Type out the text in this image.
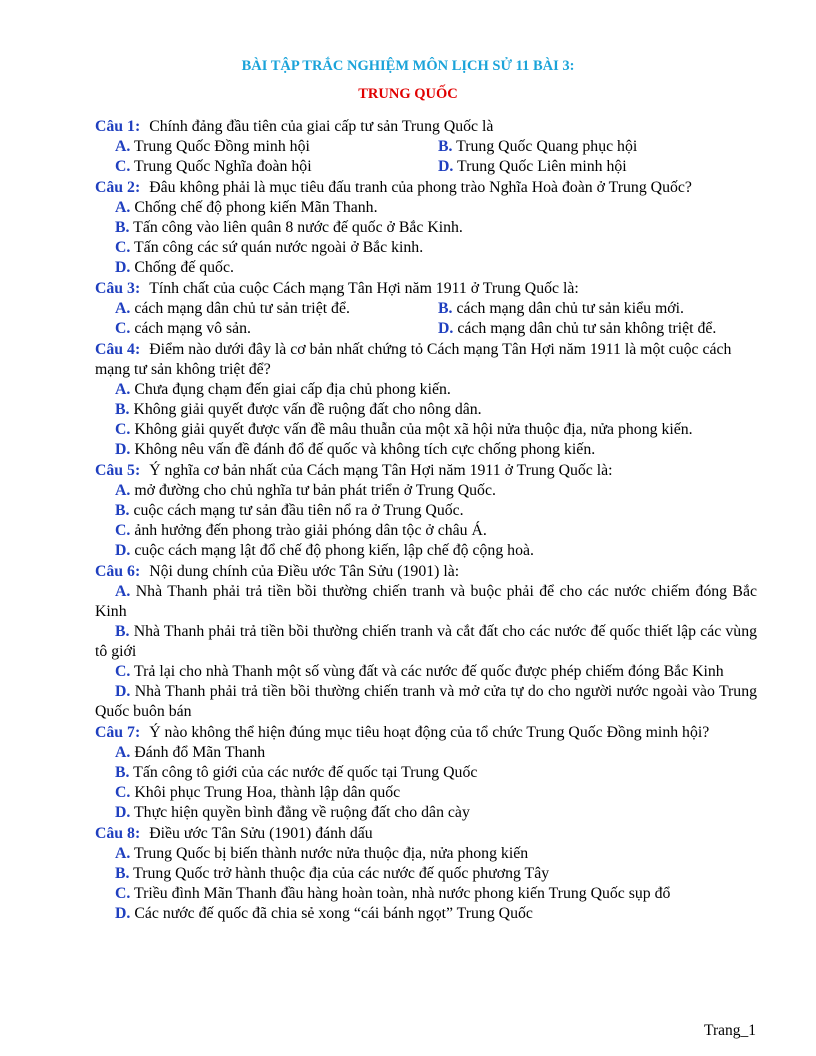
BÀI TẬP TRẮC NGHIỆM MÔN LỊCH SỬ 11 BÀI 3:
TRUNG QUỐC
Câu 1: Chính đảng đầu tiên của giai cấp tư sản Trung Quốc là
A. Trung Quốc Đồng minh hội	B. Trung Quốc Quang phục hội
C. Trung Quốc Nghĩa đoàn hội	D. Trung Quốc Liên minh hội
Câu 2: Đâu không phải là mục tiêu đấu tranh của phong trào Nghĩa Hoà đoàn ở Trung Quốc?
A. Chống chế độ phong kiến Mãn Thanh.
B. Tấn công vào liên quân 8 nước đế quốc ở Bắc Kinh.
C. Tấn công các sứ quán nước ngoài ở Bắc kinh.
D. Chống đế quốc.
Câu 3: Tính chất của cuộc Cách mạng Tân Hợi năm 1911 ở Trung Quốc là:
A. cách mạng dân chủ tư sản triệt để.	B. cách mạng dân chủ tư sản kiểu mới.
C. cách mạng vô sản.	D. cách mạng dân chủ tư sản không triệt để.
Câu 4: Điểm nào dưới đây là cơ bản nhất chứng tỏ Cách mạng Tân Hợi năm 1911 là một cuộc cách mạng tư sản không triệt để?
A. Chưa đụng chạm đến giai cấp địa chủ phong kiến.
B. Không giải quyết được vấn đề ruộng đất cho nông dân.
C. Không giải quyết được vấn đề mâu thuẫn của một xã hội nửa thuộc địa, nửa phong kiến.
D. Không nêu vấn đề đánh đổ đế quốc và không tích cực chống phong kiến.
Câu 5: Ý nghĩa cơ bản nhất của Cách mạng Tân Hợi năm 1911 ở Trung Quốc là:
A. mở đường cho chủ nghĩa tư bản phát triển ở Trung Quốc.
B. cuộc cách mạng tư sản đầu tiên nổ ra ở Trung Quốc.
C. ảnh hưởng đến phong trào giải phóng dân tộc ở châu Á.
D. cuộc cách mạng lật đổ chế độ phong kiến, lập chế độ cộng hoà.
Câu 6: Nội dung chính của Điều ước Tân Sửu (1901) là:
A. Nhà Thanh phải trả tiền bồi thường chiến tranh và buộc phải để cho các nước chiếm đóng Bắc Kinh
B. Nhà Thanh phải trả tiền bồi thường chiến tranh và cắt đất cho các nước đế quốc thiết lập các vùng tô giới
C. Trả lại cho nhà Thanh một số vùng đất và các nước đế quốc được phép chiếm đóng Bắc Kinh
D. Nhà Thanh phải trả tiền bồi thường chiến tranh và mở cửa tự do cho người nước ngoài vào Trung Quốc buôn bán
Câu 7: Ý nào không thể hiện đúng mục tiêu hoạt động của tổ chức Trung Quốc Đồng minh hội?
A. Đánh đổ Mãn Thanh
B. Tấn công tô giới của các nước đế quốc tại Trung Quốc
C. Khôi phục Trung Hoa, thành lập dân quốc
D. Thực hiện quyền bình đẳng về ruộng đất cho dân cày
Câu 8: Điều ước Tân Sửu (1901) đánh dấu
A. Trung Quốc bị biến thành nước nửa thuộc địa, nửa phong kiến
B. Trung Quốc trở hành thuộc địa của các nước đế quốc phương Tây
C. Triều đình Mãn Thanh đầu hàng hoàn toàn, nhà nước phong kiến Trung Quốc sụp đổ
D. Các nước đế quốc đã chia sẻ xong “cái bánh ngọt” Trung Quốc
Trang_1
